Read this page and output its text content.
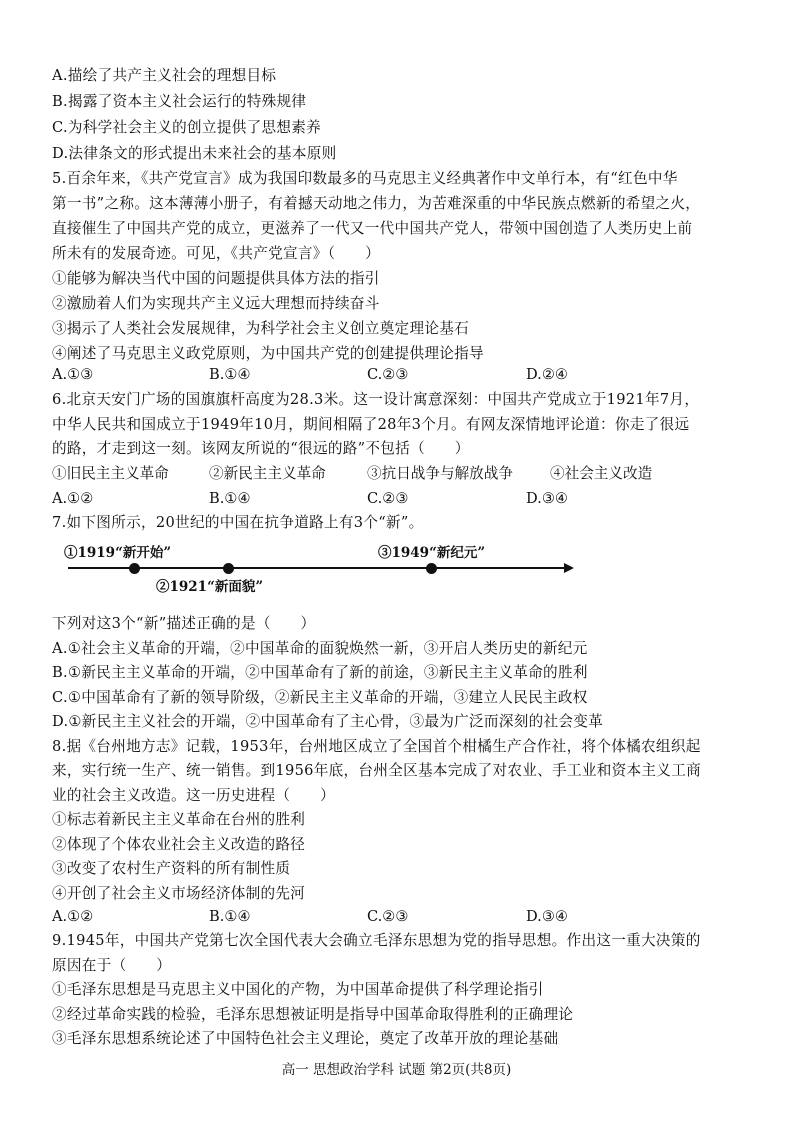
A.描绘了共产主义社会的理想目标
B.揭露了资本主义社会运行的特殊规律
C.为科学社会主义的创立提供了思想素养
D.法律条文的形式提出未来社会的基本原则
5.百余年来，《共产党宣言》成为我国印数最多的马克思主义经典著作中文单行本，有“红色中华
第一书”之称。这本薄薄小册子，有着撼天动地之伟力，为苦难深重的中华民族点燃新的希望之火，
直接催生了中国共产党的成立，更滋养了一代又一代中国共产党人，带领中国创造了人类历史上前
所未有的发展奇迹。可见，《共产党宣言》（　　）
①能够为解决当代中国的问题提供具体方法的指引
②激励着人们为实现共产主义远大理想而持续奋斗
③揭示了人类社会发展规律，为科学社会主义创立奠定理论基石
④阐述了马克思主义政党原则，为中国共产党的创建提供理论指导
A.①③	B.①④	C.②③	D.②④
6.北京天安门广场的国旗旗杆高度为28.3米。这一设计寓意深刻：中国共产党成立于1921年7月，
中华人民共和国成立于1949年10月，期间相隔了28年3个月。有网友深情地评论道：你走了很远
的路，才走到这一刻。该网友所说的“很远的路”不包括（　　）
①旧民主主义革命	②新民主主义革命	③抗日战争与解放战争	④社会主义改造
A.①②	B.①④	C.②③	D.③④
7.如下图所示，20世纪的中国在抗争道路上有3个“新”。
①1919“新开始”	③1949“新纪元”
②1921“新面貌”
下列对这3个“新”描述正确的是（　　）
A.①社会主义革命的开端，②中国革命的面貌焕然一新，③开启人类历史的新纪元
B.①新民主主义革命的开端，②中国革命有了新的前途，③新民主主义革命的胜利
C.①中国革命有了新的领导阶级，②新民主主义革命的开端，③建立人民民主政权
D.①新民主主义社会的开端，②中国革命有了主心骨，③最为广泛而深刻的社会变革
8.据《台州地方志》记载，1953年，台州地区成立了全国首个柑橘生产合作社，将个体橘农组织起
来，实行统一生产、统一销售。到1956年底，台州全区基本完成了对农业、手工业和资本主义工商
业的社会主义改造。这一历史进程（　　）
①标志着新民主主义革命在台州的胜利
②体现了个体农业社会主义改造的路径
③改变了农村生产资料的所有制性质
④开创了社会主义市场经济体制的先河
A.①②	B.①④	C.②③	D.③④
9.1945年，中国共产党第七次全国代表大会确立毛泽东思想为党的指导思想。作出这一重大决策的
原因在于（　　）
①毛泽东思想是马克思主义中国化的产物，为中国革命提供了科学理论指引
②经过革命实践的检验，毛泽东思想被证明是指导中国革命取得胜利的正确理论
③毛泽东思想系统论述了中国特色社会主义理论，奠定了改革开放的理论基础
高一 思想政治学科 试题 第2页(共8页)
